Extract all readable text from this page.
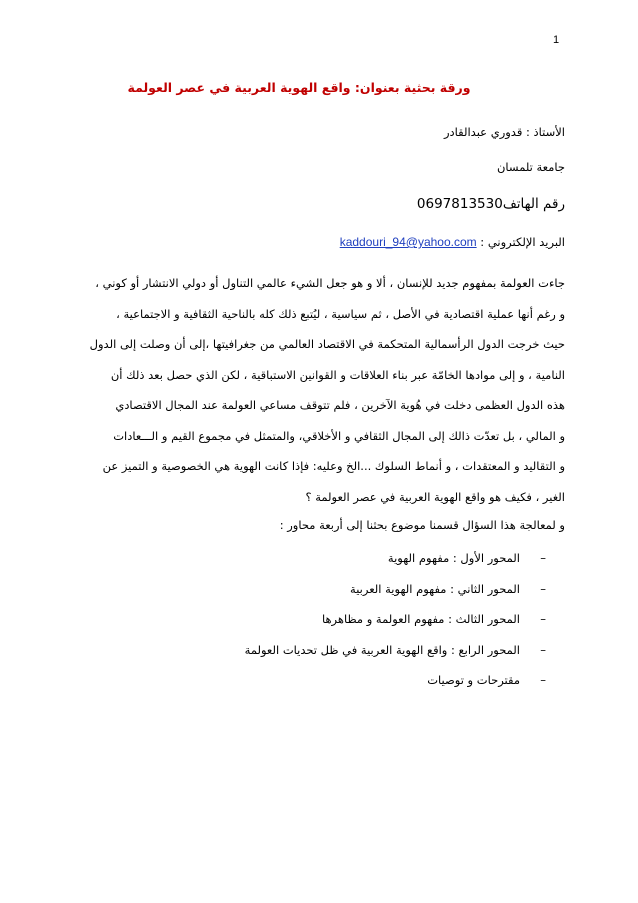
1
ورقة بحثية بعنوان: واقع الهوية العربية في عصر العولمة
الأستاذ : قدوري عبدالقادر
جامعة تلمسان
رقم الهاتف0697813530
البريد الإلكتروني : kaddouri_94@yahoo.com
جاءت العولمة بمفهوم جديد للإنسان ، ألا و هو جعل الشيء عالمي التناول أو دولي الانتشار أو كوني ،
و رغم أنها عملية اقتصادية في الأصل ، ثم سياسية ، ليُتبع ذلك كله بالناحية الثقافية و الاجتماعية ،
حيث خرجت الدول الرأسمالية المتحكمة في الاقتصاد العالمي من جغرافيتها ،إلى أن وصلت إلى الدول
النامية ، و إلى موادها الخامّة عبر بناء العلاقات و القوانين الاستباقية ، لكن الذي حصل بعد ذلك أن
هذه الدول العظمى دخلت في هُوية الآخرين ، فلم تتوقف مساعي العولمة عند المجال الاقتصادي
و المالي ، بل تعدّت ذالك إلى المجال الثقافي و الأخلاقي، والمتمثل في مجموع القيم و الـــعادات
و التقاليد و المعتقدات ، و أنماط السلوك ...الخ وعليه: فإذا كانت الهوية هي الخصوصية و التميز عن
الغير ، فكيف هو واقع الهوية العربية في عصر العولمة ؟
و لمعالجة هذا السؤال قسمنا موضوع بحثنا إلى أربعة محاور :
–
المحور الأول : مفهوم الهوية
–
المحور الثاني : مفهوم الهوية العربية
–
المحور الثالث : مفهوم العولمة و مظاهرها
–
المحور الرابع : واقع الهوية العربية في ظل تحديات العولمة
–
مقترحات و توصيات
